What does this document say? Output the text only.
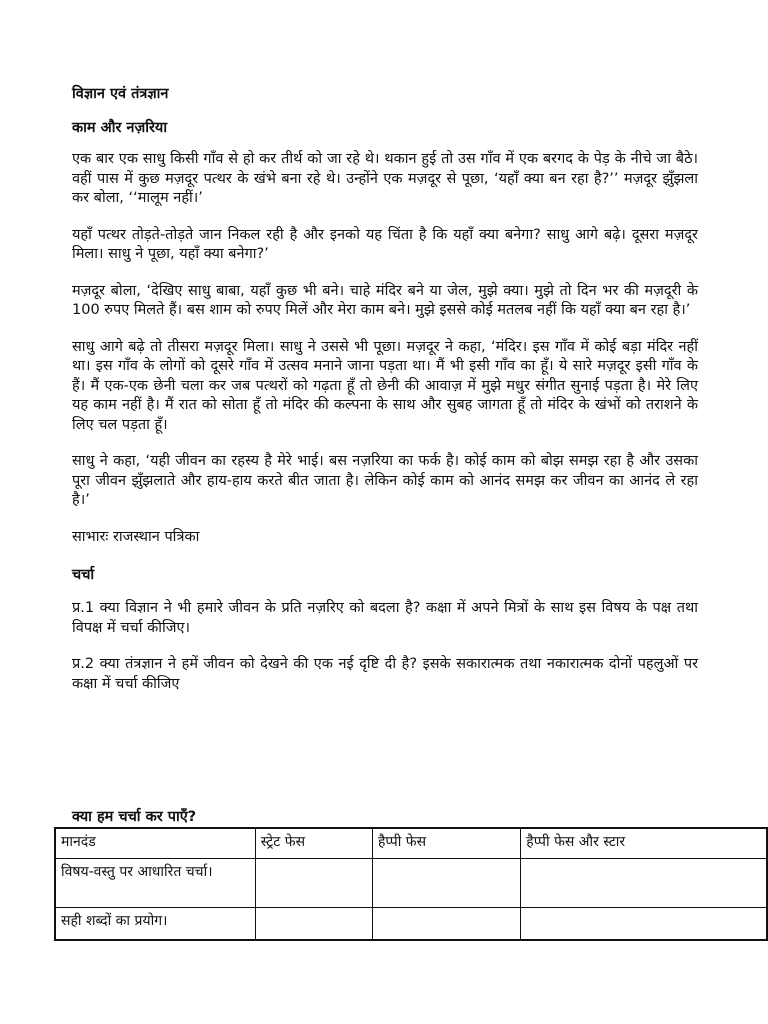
विज्ञान एवं तंत्रज्ञान
काम और नज़रिया

एक बार एक साधु किसी गाँव से हो कर तीर्थ को जा रहे थे। थकान हुई तो उस गाँव में एक बरगद के पेड़ के नीचे जा बैठे। वहीं पास में कुछ मज़दूर पत्थर के खंभे बना रहे थे। उन्होंने एक मज़दूर से पूछा, ‘यहाँ क्या बन रहा है?’’ मज़दूर झुँझला कर बोला, ‘‘मालूम नहीं।’

यहाँ पत्थर तोड़ते-तोड़ते जान निकल रही है और इनको यह चिंता है कि यहाँ क्या बनेगा? साधु आगे बढ़े। दूसरा मज़दूर मिला। साधु ने पूछा, यहाँ क्या बनेगा?’

मज़दूर बोला, ‘देखिए साधु बाबा, यहाँ कुछ भी बने। चाहे मंदिर बने या जेल, मुझे क्या। मुझे तो दिन भर की मज़दूरी के 100 रुपए मिलते हैं। बस शाम को रुपए मिलें और मेरा काम बने। मुझे इससे कोई मतलब नहीं कि यहाँ क्या बन रहा है।’

साधु आगे बढ़े तो तीसरा मज़दूर मिला। साधु ने उससे भी पूछा। मज़दूर ने कहा, ‘मंदिर। इस गाँव में कोई बड़ा मंदिर नहीं था। इस गाँव के लोगों को दूसरे गाँव में उत्सव मनाने जाना पड़ता था। मैं भी इसी गाँव का हूँ। ये सारे मज़दूर इसी गाँव के हैं। मैं एक-एक छेनी चला कर जब पत्थरों को गढ़ता हूँ तो छेनी की आवाज़ में मुझे मधुर संगीत सुनाई पड़ता है। मेरे लिए यह काम नहीं है। मैं रात को सोता हूँ तो मंदिर की कल्पना के साथ और सुबह जागता हूँ तो मंदिर के खंभों को तराशने के लिए चल पड़ता हूँ।

साधु ने कहा, ‘यही जीवन का रहस्य है मेरे भाई। बस नज़रिया का फर्क है। कोई काम को बोझ समझ रहा है और उसका पूरा जीवन झुँझलाते और हाय-हाय करते बीत जाता है। लेकिन कोई काम को आनंद समझ कर जीवन का आनंद ले रहा है।’

साभारः राजस्थान पत्रिका

चर्चा

प्र.1 क्या विज्ञान ने भी हमारे जीवन के प्रति नज़रिए को बदला है? कक्षा में अपने मित्रों के साथ इस विषय के पक्ष तथा विपक्ष में चर्चा कीजिए।

प्र.2 क्या तंत्रज्ञान ने हमें जीवन को देखने की एक नई दृष्टि दी है? इसके सकारात्मक तथा नकारात्मक दोनों पहलुओं पर कक्षा में चर्चा कीजिए

क्या हम चर्चा कर पाएँ?
मानदंड	स्ट्रेट फेस	हैप्पी फेस	हैप्पी फेस और स्टार
विषय-वस्तु पर आधारित चर्चा।			
सही शब्दों का प्रयोग।			
